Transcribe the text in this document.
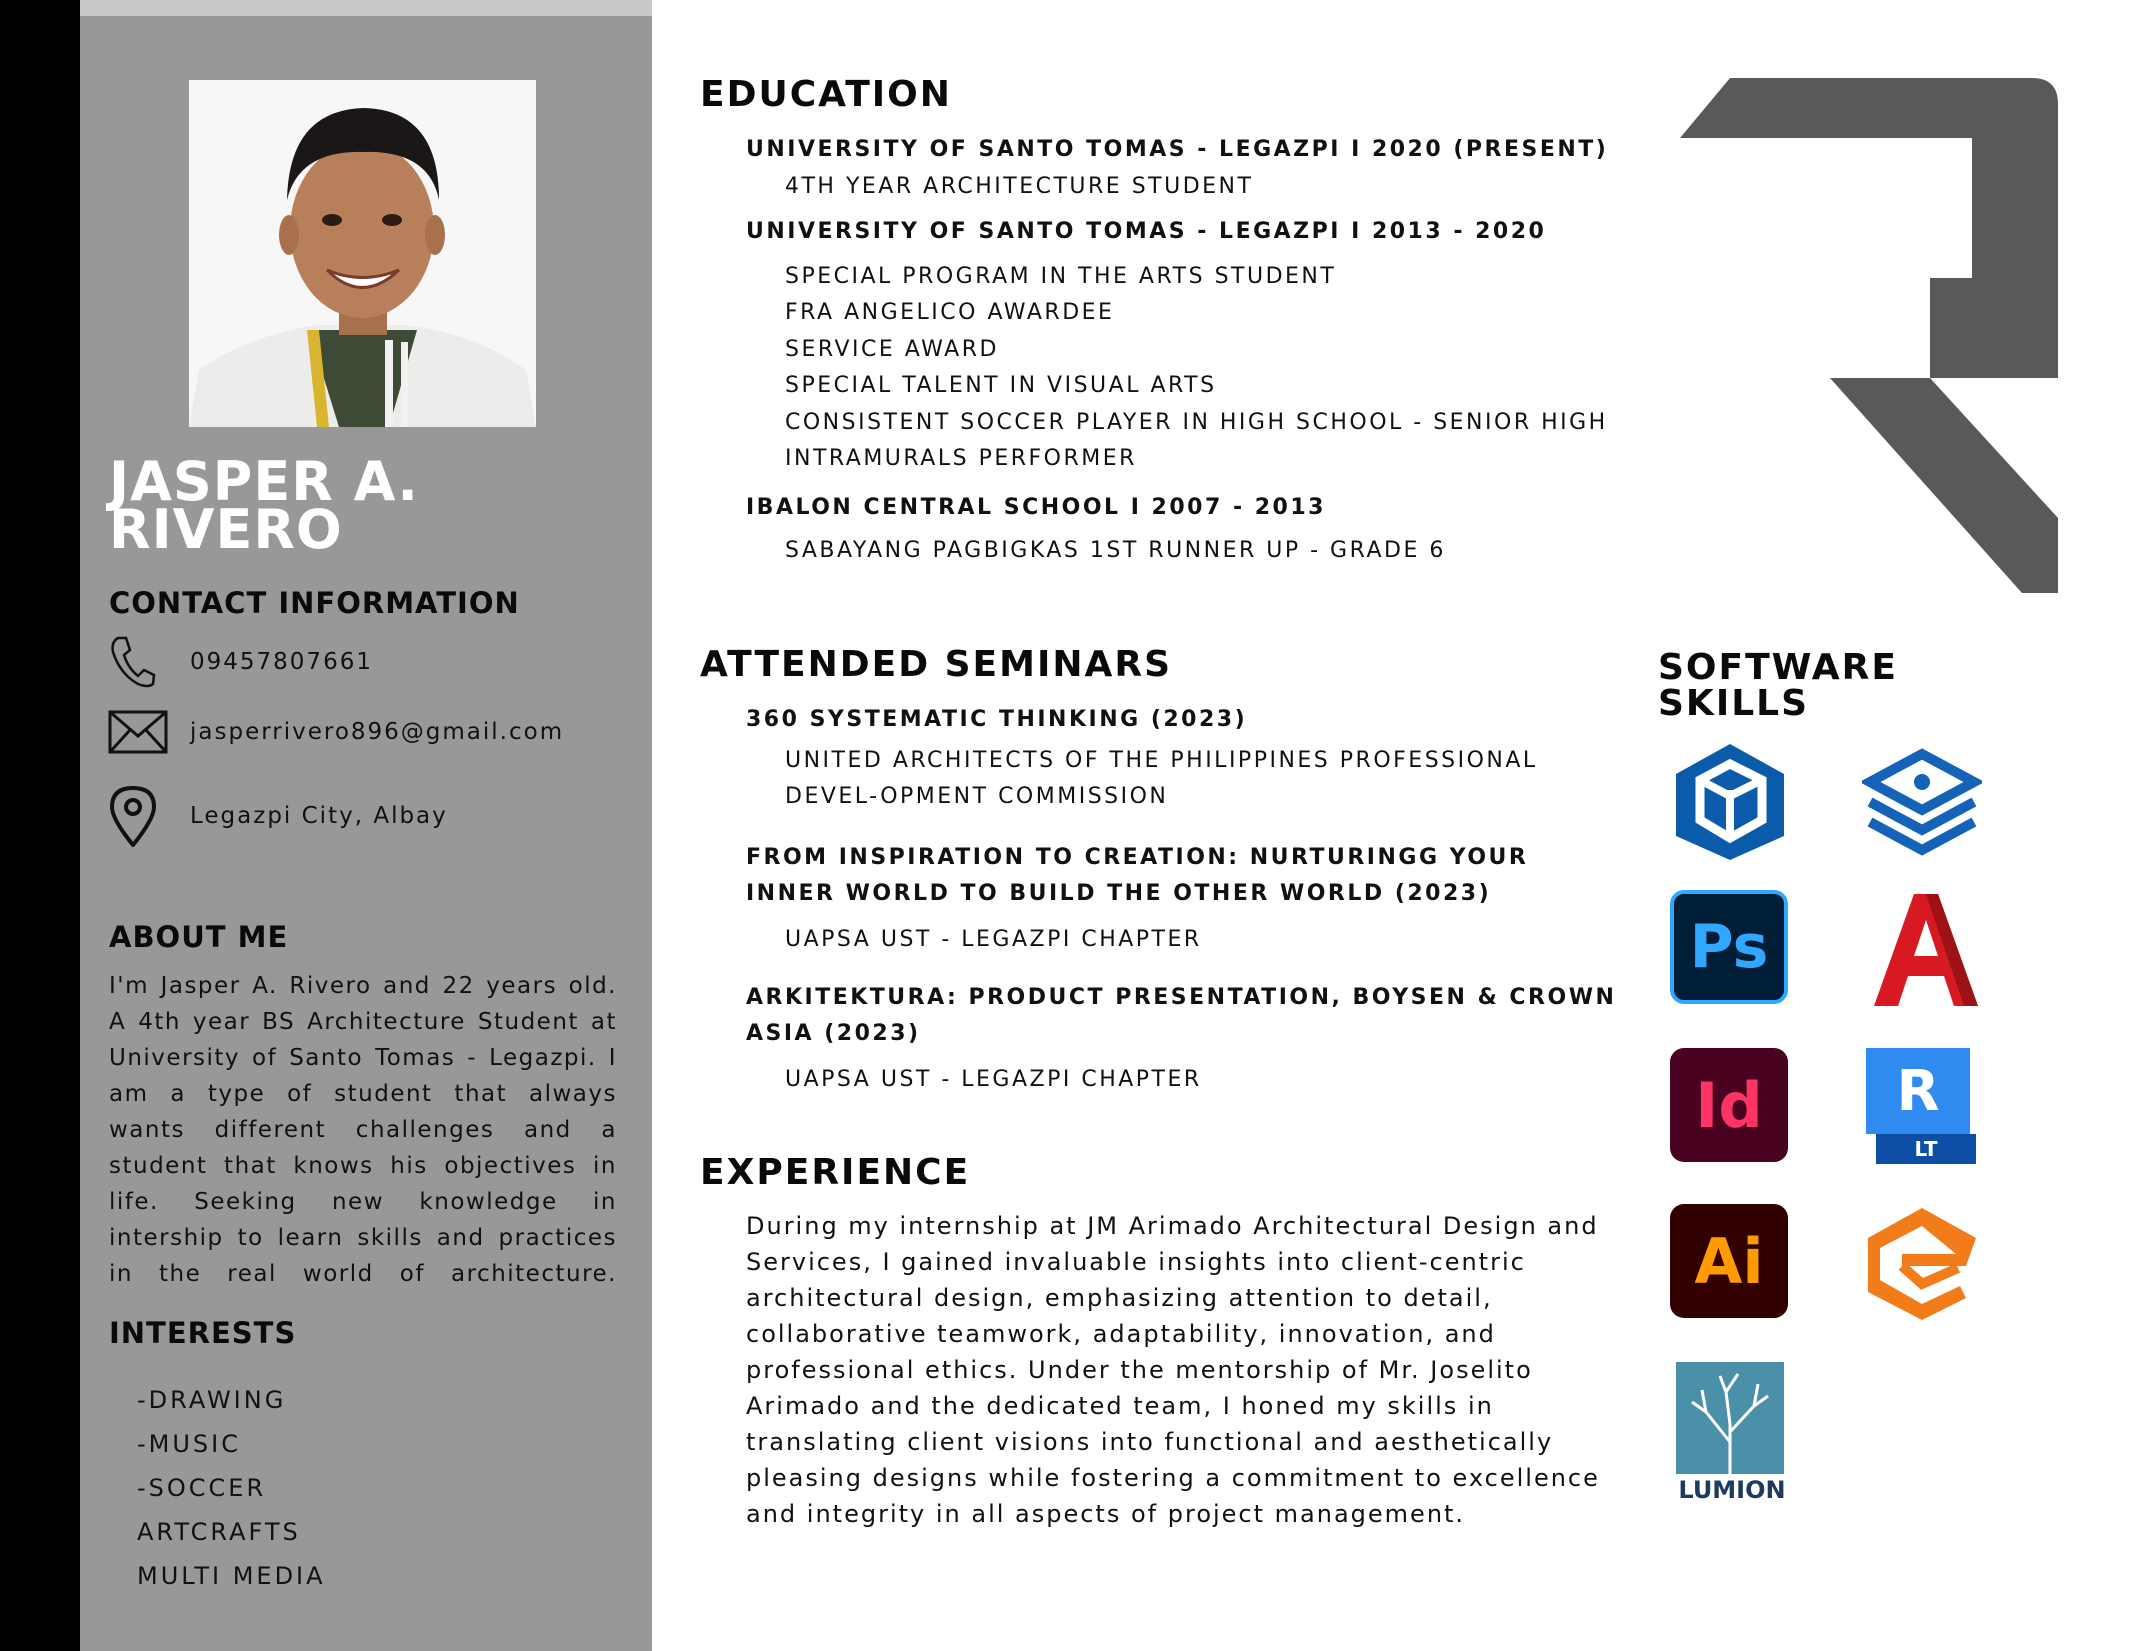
JASPER A.
RIVERO
CONTACT INFORMATION
09457807661
jasperrivero896@gmail.com
Legazpi City, Albay
ABOUT ME
I'm Jasper A. Rivero and 22 years old. A 4th year BS Architecture Student at University of Santo Tomas - Legazpi. I am a type of student that always wants different challenges and a student that knows his objectives in life. Seeking new knowledge in intership to learn skills and practices in the real world of architecture.
INTERESTS
-DRAWING
-MUSIC
-SOCCER
ARTCRAFTS
MULTI MEDIA
EDUCATION
UNIVERSITY OF SANTO TOMAS - LEGAZPI I 2020 (PRESENT)
4TH YEAR ARCHITECTURE STUDENT
UNIVERSITY OF SANTO TOMAS - LEGAZPI I 2013 - 2020
SPECIAL PROGRAM IN THE ARTS STUDENT
FRA ANGELICO AWARDEE
SERVICE AWARD
SPECIAL TALENT IN VISUAL ARTS
CONSISTENT SOCCER PLAYER IN HIGH SCHOOL - SENIOR HIGH
INTRAMURALS PERFORMER
IBALON CENTRAL SCHOOL I 2007 - 2013
SABAYANG PAGBIGKAS 1ST RUNNER UP - GRADE 6
ATTENDED SEMINARS
360 SYSTEMATIC THINKING (2023)
UNITED ARCHITECTS OF THE PHILIPPINES PROFESSIONAL DEVEL-OPMENT COMMISSION
FROM INSPIRATION TO CREATION: NURTURINGG YOUR INNER WORLD TO BUILD THE OTHER WORLD (2023)
UAPSA UST - LEGAZPI CHAPTER
ARKITEKTURA: PRODUCT PRESENTATION, BOYSEN & CROWN ASIA (2023)
UAPSA UST - LEGAZPI CHAPTER
EXPERIENCE
During my internship at JM Arimado Architectural Design and Services, I gained invaluable insights into client-centric architectural design, emphasizing attention to detail, collaborative teamwork, adaptability, innovation, and professional ethics. Under the mentorship of Mr. Joselito Arimado and the dedicated team, I honed my skills in translating client visions into functional and aesthetically pleasing designs while fostering a commitment to excellence and integrity in all aspects of project management.
SOFTWARE
SKILLS
Ps
Id R
LT
Ai
LUMION
